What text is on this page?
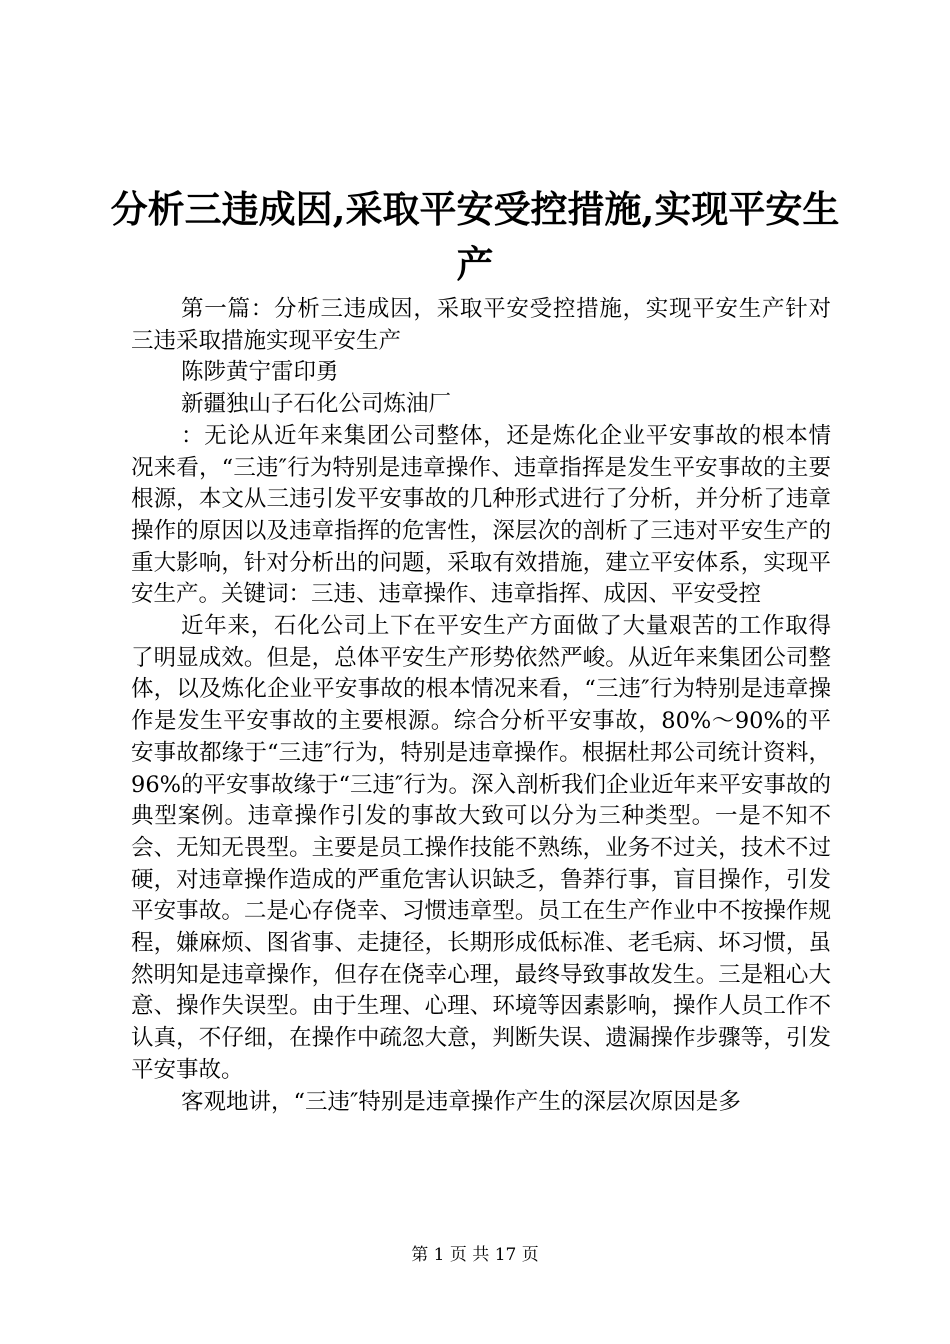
分析三违成因,采取平安受控措施,实现平安生产

第一篇：分析三违成因，采取平安受控措施，实现平安生产针对三违采取措施实现平安生产

陈陟黄宁雷印勇

新疆独山子石化公司炼油厂

：无论从近年来集团公司整体，还是炼化企业平安事故的根本情况来看，“三违″行为特别是违章操作、违章指挥是发生平安事故的主要根源，本文从三违引发平安事故的几种形式进行了分析，并分析了违章操作的原因以及违章指挥的危害性，深层次的剖析了三违对平安生产的重大影响，针对分析出的问题，采取有效措施，建立平安体系，实现平安生产。关键词：三违、违章操作、违章指挥、成因、平安受控

近年来，石化公司上下在平安生产方面做了大量艰苦的工作取得了明显成效。但是，总体平安生产形势依然严峻。从近年来集团公司整体，以及炼化企业平安事故的根本情况来看，“三违″行为特别是违章操作是发生平安事故的主要根源。综合分析平安事故，80%～90%的平安事故都缘于“三违″行为，特别是违章操作。根据杜邦公司统计资料，96%的平安事故缘于“三违″行为。深入剖析我们企业近年来平安事故的典型案例。违章操作引发的事故大致可以分为三种类型。一是不知不会、无知无畏型。主要是员工操作技能不熟练，业务不过关，技术不过硬，对违章操作造成的严重危害认识缺乏，鲁莽行事，盲目操作，引发平安事故。二是心存侥幸、习惯违章型。员工在生产作业中不按操作规程，嫌麻烦、图省事、走捷径，长期形成低标准、老毛病、坏习惯，虽然明知是违章操作，但存在侥幸心理，最终导致事故发生。三是粗心大意、操作失误型。由于生理、心理、环境等因素影响，操作人员工作不认真，不仔细，在操作中疏忽大意，判断失误、遗漏操作步骤等，引发平安事故。

客观地讲，“三违″特别是违章操作产生的深层次原因是多

第 1 页 共 17 页
